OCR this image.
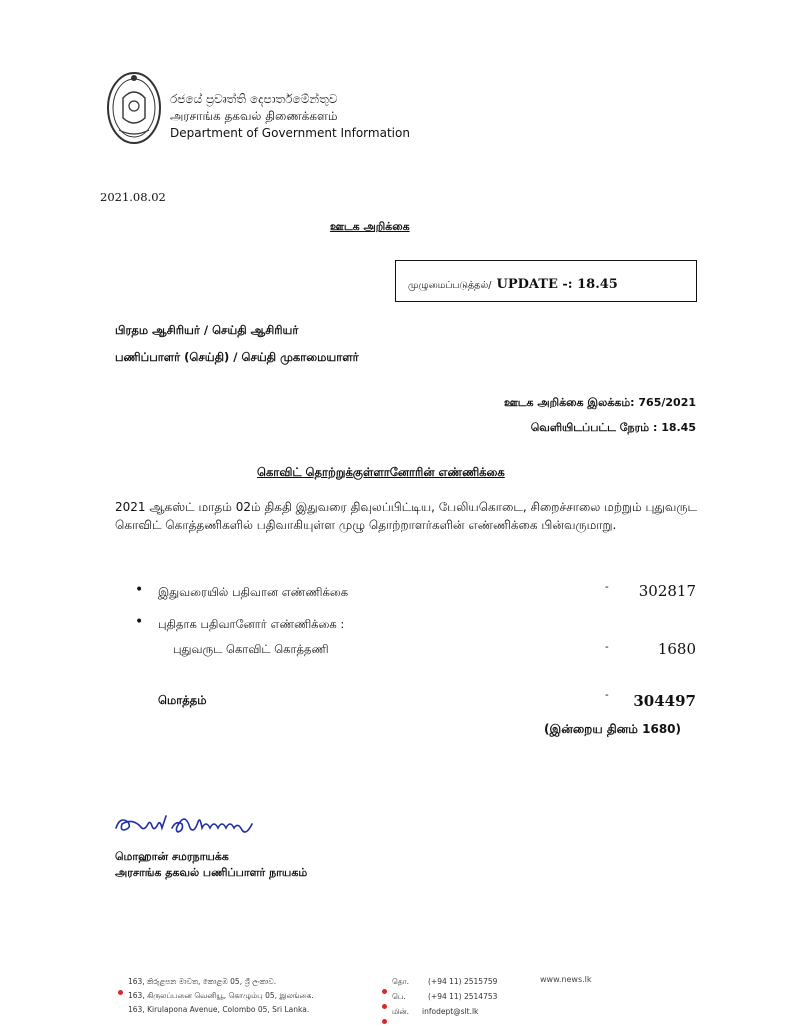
රජයේ ප්‍රවෘත්ති දෙපාර්තමේන්තුව
அரசாங்க தகவல் திணைக்களம்
Department of Government Information
2021.08.02
ஊடக அறிக்கை
முழுமைப்படுத்தல்/ UPDATE -: 18.45
பிரதம ஆசிரியர் / செய்தி ஆசிரியர்
பணிப்பாளர் (செய்தி) / செய்தி முகாமையாளர்
ஊடக அறிக்கை இலக்கம்: 765/2021
வெளியிடப்பட்ட நேரம் : 18.45
கொவிட் தொற்றுக்குள்ளானோரின் எண்ணிக்கை
2021 ஆகஸ்ட் மாதம் 02ம் திகதி இதுவரை திவுலப்பிட்டிய, பேலியகொடை, சிறைச்சாலை மற்றும் புதுவருட கொவிட் கொத்தணிகளில் பதிவாகியுள்ள முழு தொற்றாளர்களின் எண்ணிக்கை பின்வருமாறு.
• இதுவரையில் பதிவான எண்ணிக்கை	- 302817
• புதிதாக பதிவானோர் எண்ணிக்கை :
புதுவருட கொவிட் கொத்தணி	-	1680
மொத்தம்	- 304497
(இன்றைய தினம் 1680)
மொஹான் சமரநாயக்க
அரசாங்க தகவல் பணிப்பாளர் நாயகம்
163, කිරුළපන මාවත, කොළඹ 05, ශ්‍රී ලංකාව.
163, கிருலப்பனை வெனியூ, கொழும்பு 05, இலங்கை.
163, Kirulapona Avenue, Colombo 05, Sri Lanka.
தொ.	(+94 11) 2515759
பெ.	(+94 11) 2514753
மின். infodept@slt.lk
www.news.lk
